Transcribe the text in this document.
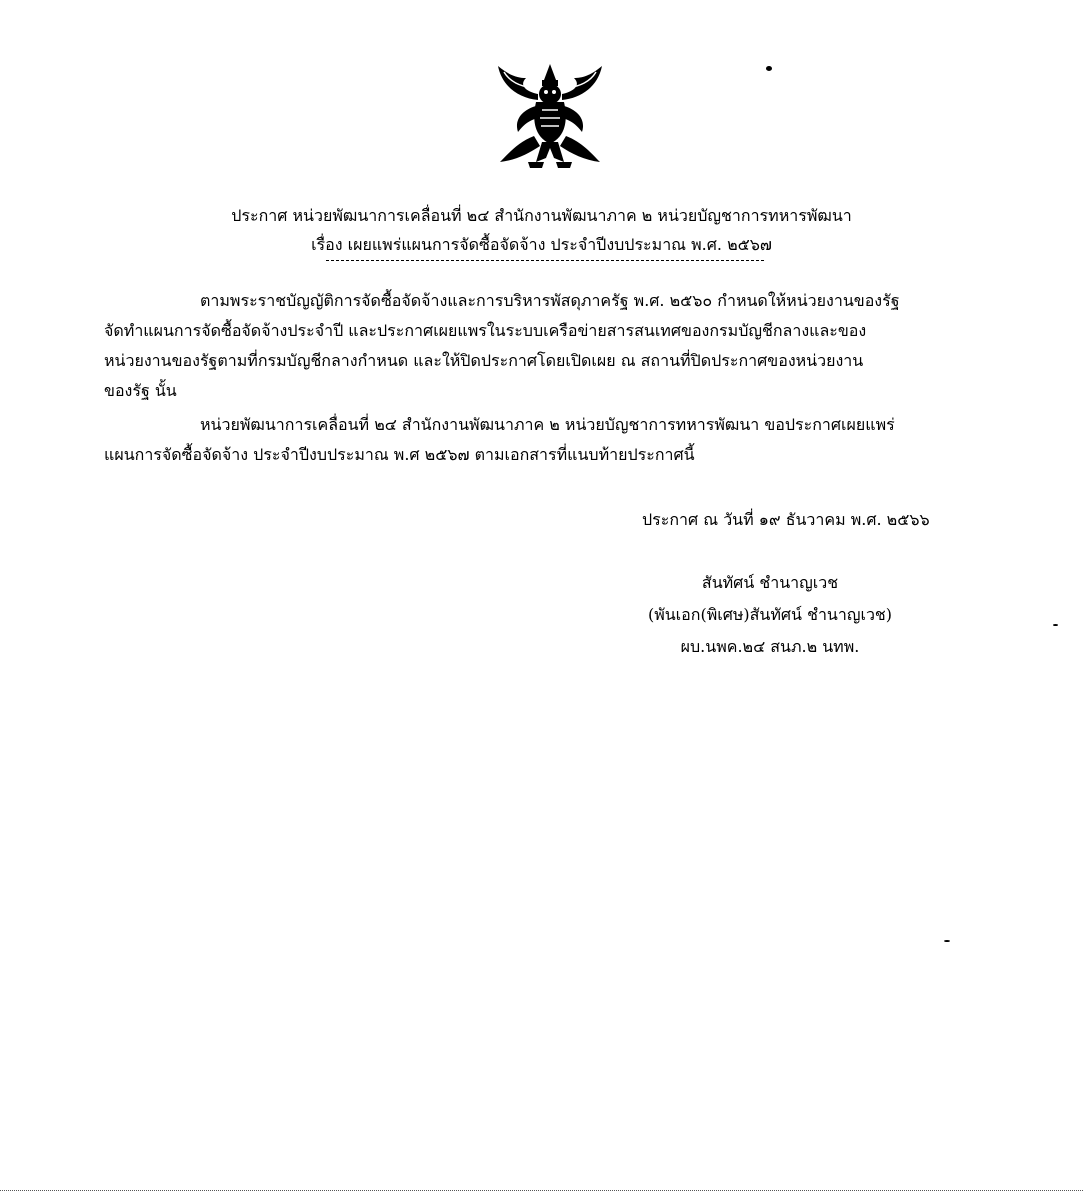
ประกาศ หน่วยพัฒนาการเคลื่อนที่ ๒๔ สำนักงานพัฒนาภาค ๒ หน่วยบัญชาการทหารพัฒนา
เรื่อง เผยแพร่แผนการจัดซื้อจัดจ้าง ประจำปีงบประมาณ พ.ศ. ๒๕๖๗
ตามพระราชบัญญัติการจัดซื้อจัดจ้างและการบริหารพัสดุภาครัฐ พ.ศ. ๒๕๖๐ กำหนดให้หน่วยงานของรัฐ
จัดทำแผนการจัดซื้อจัดจ้างประจำปี และประกาศเผยแพรในระบบเครือข่ายสารสนเทศของกรมบัญชีกลางและของ
หน่วยงานของรัฐตามที่กรมบัญชีกลางกำหนด และให้ปิดประกาศโดยเปิดเผย ณ สถานที่ปิดประกาศของหน่วยงาน
ของรัฐ นั้น
หน่วยพัฒนาการเคลื่อนที่ ๒๔ สำนักงานพัฒนาภาค ๒ หน่วยบัญชาการทหารพัฒนา ขอประกาศเผยแพร่
แผนการจัดซื้อจัดจ้าง ประจำปีงบประมาณ พ.ศ ๒๕๖๗ ตามเอกสารที่แนบท้ายประกาศนี้
ประกาศ ณ วันที่ ๑๙ ธันวาคม พ.ศ. ๒๕๖๖
สันทัศน์ ชำนาญเวช
(พันเอก(พิเศษ)สันทัศน์ ชำนาญเวช)
ผบ.นพค.๒๔ สนภ.๒ นทพ.
